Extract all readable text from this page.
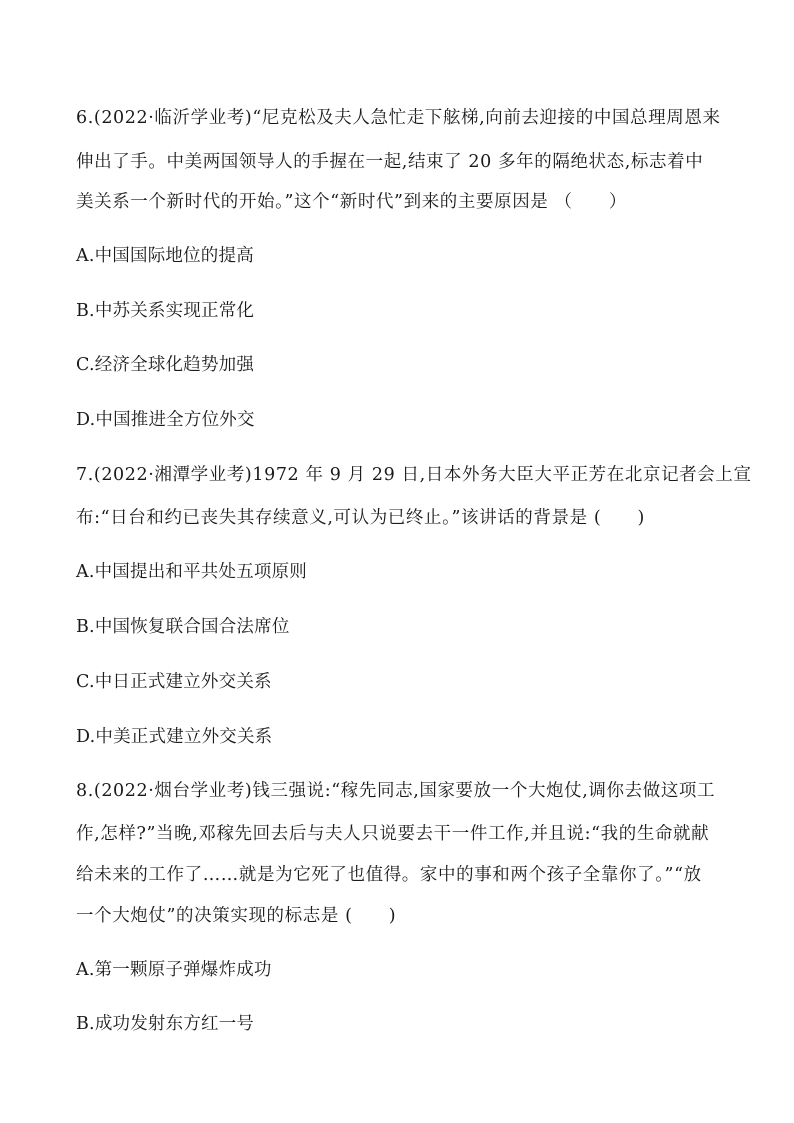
6.(2022·临沂学业考)“尼克松及夫人急忙走下舷梯,向前去迎接的中国总理周恩来
伸出了手。中美两国领导人的手握在一起,结束了 20 多年的隔绝状态,标志着中
美关系一个新时代的开始。”这个“新时代”到来的主要原因是 （　　）
A.中国国际地位的提高
B.中苏关系实现正常化
C.经济全球化趋势加强
D.中国推进全方位外交
7.(2022·湘潭学业考)1972 年 9 月 29 日,日本外务大臣大平正芳在北京记者会上宣
布:“日台和约已丧失其存续意义,可认为已终止。”该讲话的背景是 (　　)
A.中国提出和平共处五项原则
B.中国恢复联合国合法席位
C.中日正式建立外交关系
D.中美正式建立外交关系
8.(2022·烟台学业考)钱三强说:“稼先同志,国家要放一个大炮仗,调你去做这项工
作,怎样?”当晚,邓稼先回去后与夫人只说要去干一件工作,并且说:“我的生命就献
给未来的工作了……就是为它死了也值得。家中的事和两个孩子全靠你了。”“放
一个大炮仗”的决策实现的标志是 (　　)
A.第一颗原子弹爆炸成功
B.成功发射东方红一号
